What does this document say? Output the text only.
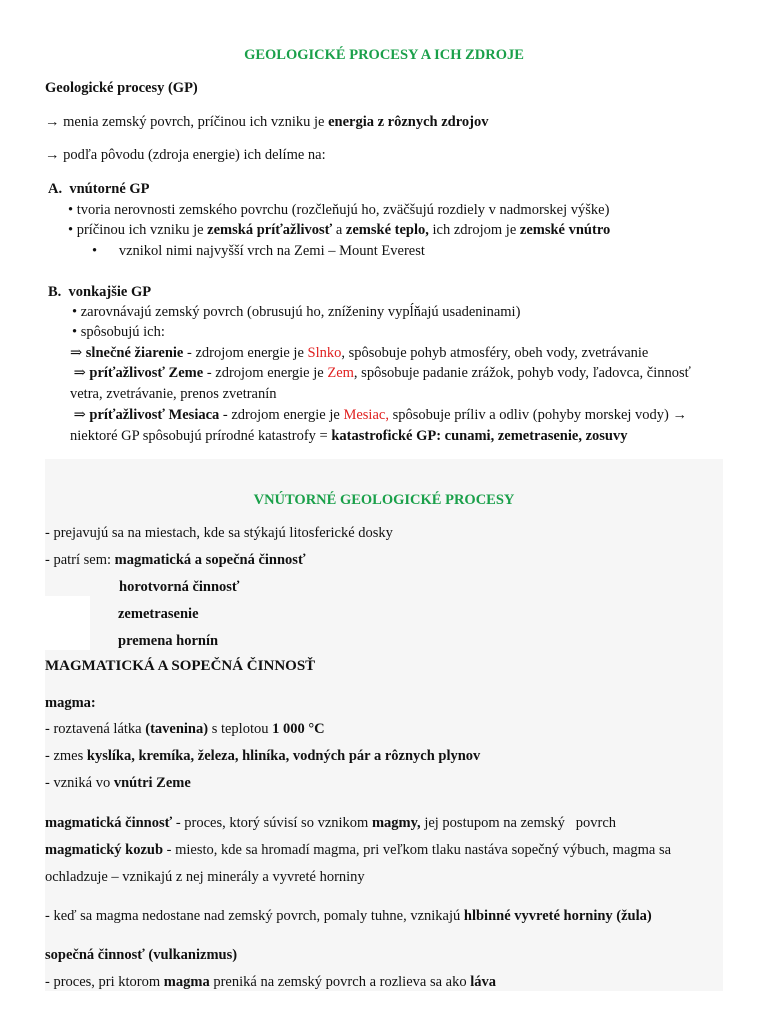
GEOLOGICKÉ PROCESY A ICH ZDROJE
Geologické procesy (GP)
→ menia zemský povrch, príčinou ich vzniku je energia z rôznych zdrojov
→ podľa pôvodu (zdroja energie) ich delíme na:
A. vnútorné GP
• tvoria nerovnosti zemského povrchu (rozčleňujú ho, zväčšujú rozdiely v nadmorskej výške)
• príčinou ich vzniku je zemská príťažlivosť a zemské teplo, ich zdrojom je zemské vnútro
•      vznikol nimi najvyšší vrch na Zemi – Mount Everest
B. vonkajšie GP
• zarovnávajú zemský povrch (obrusujú ho, zníženiny vypĺňajú usadeninami)
• spôsobujú ich:
⇒ slnečné žiarenie - zdrojom energie je Slnko, spôsobuje pohyb atmosféry, obeh vody, zvetrávanie
⇒ príťažlivosť Zeme - zdrojom energie je Zem, spôsobuje padanie zrážok, pohyb vody, ľadovca, činnosť
vetra, zvetrávanie, prenos zvetranín
⇒ príťažlivosť Mesiaca - zdrojom energie je Mesiac, spôsobuje príliv a odliv (pohyby morskej vody) →
niektoré GP spôsobujú prírodné katastrofy = katastrofické GP: cunami, zemetrasenie, zosuvy
VNÚTORNÉ GEOLOGICKÉ PROCESY
- prejavujú sa na miestach, kde sa stýkajú litosferické dosky
- patrí sem: magmatická a sopečná činnosť
horotvorná činnosť
zemetrasenie
premena hornín
MAGMATICKÁ A SOPEČNÁ ČINNOSŤ
magma:
- roztavená látka (tavenina) s teplotou 1 000 °C
- zmes kyslíka, kremíka, železa, hliníka, vodných pár a rôznych plynov
- vzniká vo vnútri Zeme
magmatická činnosť - proces, ktorý súvisí so vznikom magmy, jej postupom na zemský   povrch
magmatický kozub - miesto, kde sa hromadí magma, pri veľkom tlaku nastáva sopečný výbuch, magma sa
ochladzuje – vznikajú z nej minerály a vyvreté horniny
- keď sa magma nedostane nad zemský povrch, pomaly tuhne, vznikajú hlbinné vyvreté horniny (žula)
sopečná činnosť (vulkanizmus)
- proces, pri ktorom magma preniká na zemský povrch a rozlieva sa ako láva
